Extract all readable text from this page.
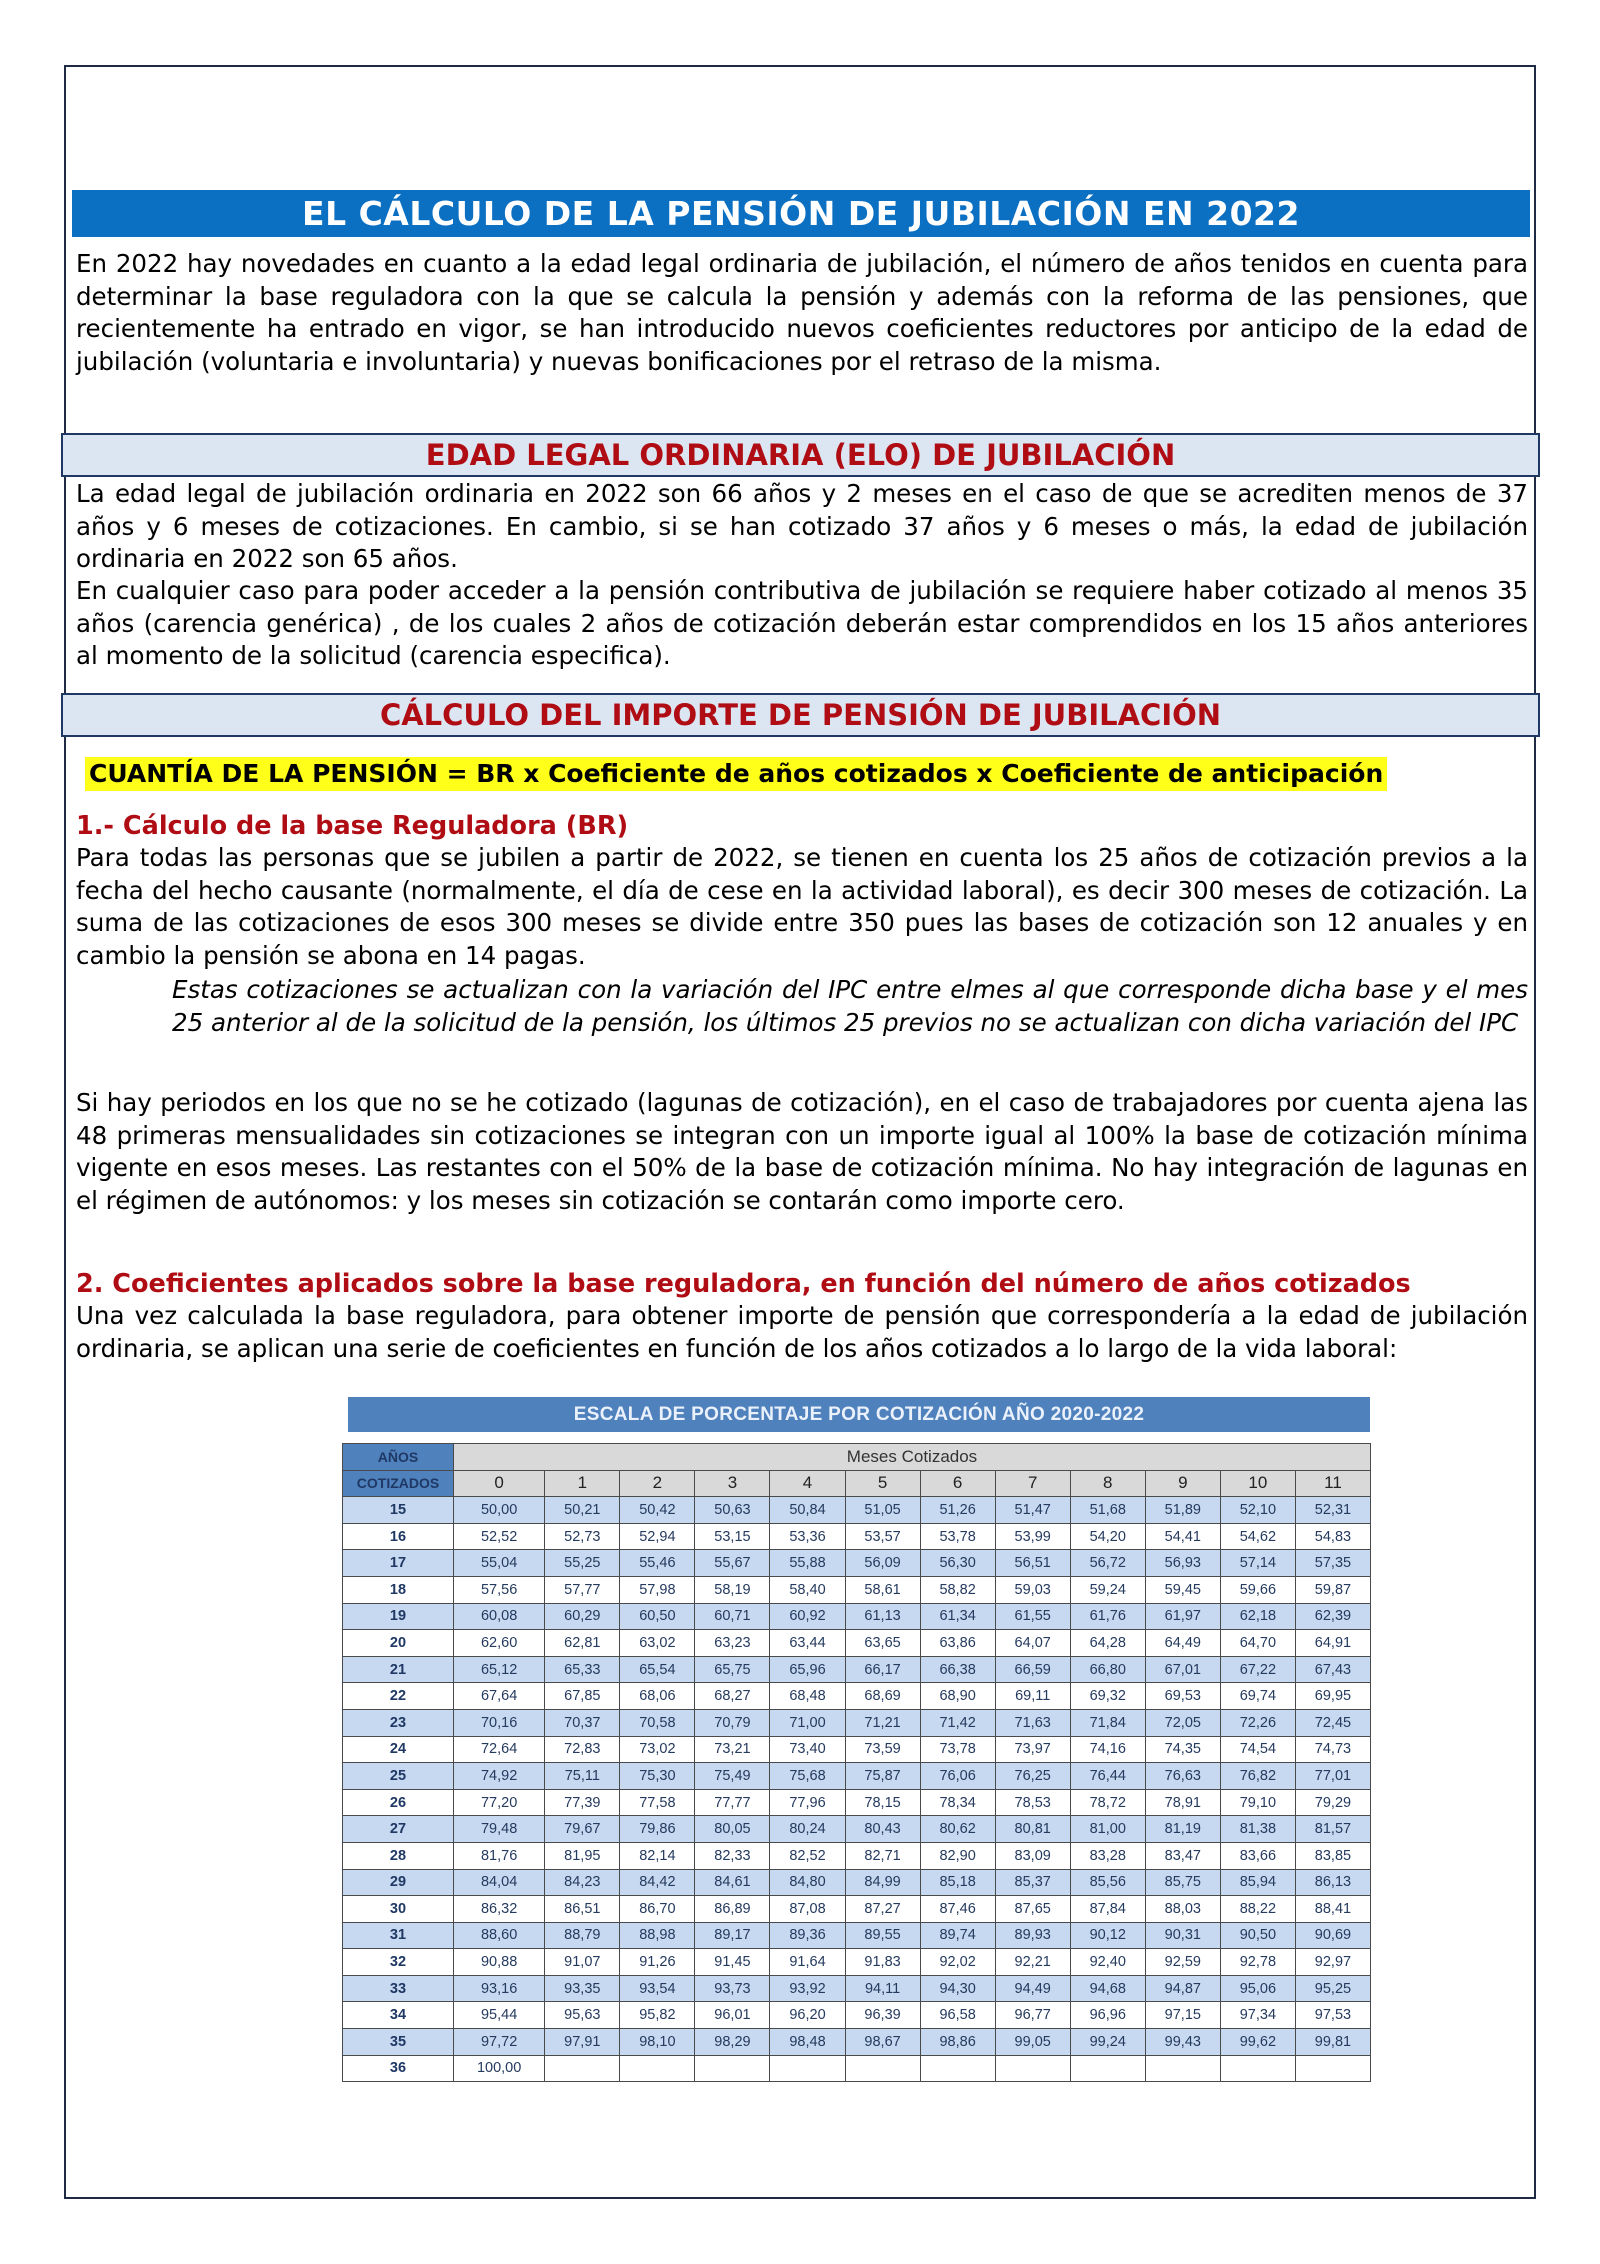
EL CÁLCULO DE LA PENSIÓN DE JUBILACIÓN EN 2022

En 2022 hay novedades en cuanto a la edad legal ordinaria de jubilación, el número de años tenidos en cuenta para determinar la base reguladora con la que se calcula la pensión y además con la reforma de las pensiones, que recientemente ha entrado en vigor, se han introducido nuevos coeficientes reductores por anticipo de la edad de jubilación (voluntaria e involuntaria) y nuevas bonificaciones por el retraso de la misma.

EDAD LEGAL ORDINARIA (ELO) DE JUBILACIÓN

La edad legal de jubilación ordinaria en 2022 son 66 años y 2 meses en el caso de que se acrediten menos de 37 años y 6 meses de cotizaciones. En cambio, si se han cotizado 37 años y 6 meses o más, la edad de jubilación ordinaria en 2022 son 65 años.

En cualquier caso para poder acceder a la pensión contributiva de jubilación se requiere haber cotizado al menos 35 años (carencia genérica) , de los cuales 2 años de cotización deberán estar comprendidos en los 15 años anteriores al momento de la solicitud (carencia especifica).

CÁLCULO DEL IMPORTE DE PENSIÓN DE JUBILACIÓN
CUANTÍA DE LA PENSIÓN = BR x Coeficiente de años cotizados x Coeficiente de anticipación
1.- Cálculo de la base Reguladora (BR)

Para todas las personas que se jubilen a partir de 2022, se tienen en cuenta los 25 años de cotización previos a la fecha del hecho causante (normalmente, el día de cese en la actividad laboral), es decir 300 meses de cotización. La suma de las cotizaciones de esos 300 meses se divide entre 350 pues las bases de cotización son 12 anuales y en cambio la pensión se abona en 14 pagas.

Estas cotizaciones se actualizan con la variación del IPC entre elmes al que corresponde dicha base y el mes 25 anterior al de la solicitud de la pensión, los últimos 25 previos no se actualizan con dicha variación del IPC

Si hay periodos en los que no se he cotizado (lagunas de cotización), en el caso de trabajadores por cuenta ajena las 48 primeras mensualidades sin cotizaciones se integran con un importe igual al 100% la base de cotización mínima vigente en esos meses. Las restantes con el 50% de la base de cotización mínima. No hay integración de lagunas en el régimen de autónomos: y los meses sin cotización se contarán como importe cero.

2. Coeficientes aplicados sobre la base reguladora, en función del número de años cotizados

Una vez calculada la base reguladora, para obtener importe de pensión que correspondería a la edad de jubilación ordinaria, se aplican una serie de coeficientes en función de los años cotizados a lo largo de la vida laboral:

ESCALA DE PORCENTAJE POR COTIZACIÓN AÑO 2020-2022
AÑOS	Meses Cotizados											
COTIZADOS	0	1	2	3	4	5	6	7	8	9	10	11
15	50,00	50,21	50,42	50,63	50,84	51,05	51,26	51,47	51,68	51,89	52,10	52,31
16	52,52	52,73	52,94	53,15	53,36	53,57	53,78	53,99	54,20	54,41	54,62	54,83
17	55,04	55,25	55,46	55,67	55,88	56,09	56,30	56,51	56,72	56,93	57,14	57,35
18	57,56	57,77	57,98	58,19	58,40	58,61	58,82	59,03	59,24	59,45	59,66	59,87
19	60,08	60,29	60,50	60,71	60,92	61,13	61,34	61,55	61,76	61,97	62,18	62,39
20	62,60	62,81	63,02	63,23	63,44	63,65	63,86	64,07	64,28	64,49	64,70	64,91
21	65,12	65,33	65,54	65,75	65,96	66,17	66,38	66,59	66,80	67,01	67,22	67,43
22	67,64	67,85	68,06	68,27	68,48	68,69	68,90	69,11	69,32	69,53	69,74	69,95
23	70,16	70,37	70,58	70,79	71,00	71,21	71,42	71,63	71,84	72,05	72,26	72,45
24	72,64	72,83	73,02	73,21	73,40	73,59	73,78	73,97	74,16	74,35	74,54	74,73
25	74,92	75,11	75,30	75,49	75,68	75,87	76,06	76,25	76,44	76,63	76,82	77,01
26	77,20	77,39	77,58	77,77	77,96	78,15	78,34	78,53	78,72	78,91	79,10	79,29
27	79,48	79,67	79,86	80,05	80,24	80,43	80,62	80,81	81,00	81,19	81,38	81,57
28	81,76	81,95	82,14	82,33	82,52	82,71	82,90	83,09	83,28	83,47	83,66	83,85
29	84,04	84,23	84,42	84,61	84,80	84,99	85,18	85,37	85,56	85,75	85,94	86,13
30	86,32	86,51	86,70	86,89	87,08	87,27	87,46	87,65	87,84	88,03	88,22	88,41
31	88,60	88,79	88,98	89,17	89,36	89,55	89,74	89,93	90,12	90,31	90,50	90,69
32	90,88	91,07	91,26	91,45	91,64	91,83	92,02	92,21	92,40	92,59	92,78	92,97
33	93,16	93,35	93,54	93,73	93,92	94,11	94,30	94,49	94,68	94,87	95,06	95,25
34	95,44	95,63	95,82	96,01	96,20	96,39	96,58	96,77	96,96	97,15	97,34	97,53
35	97,72	97,91	98,10	98,29	98,48	98,67	98,86	99,05	99,24	99,43	99,62	99,81
36	100,00											
